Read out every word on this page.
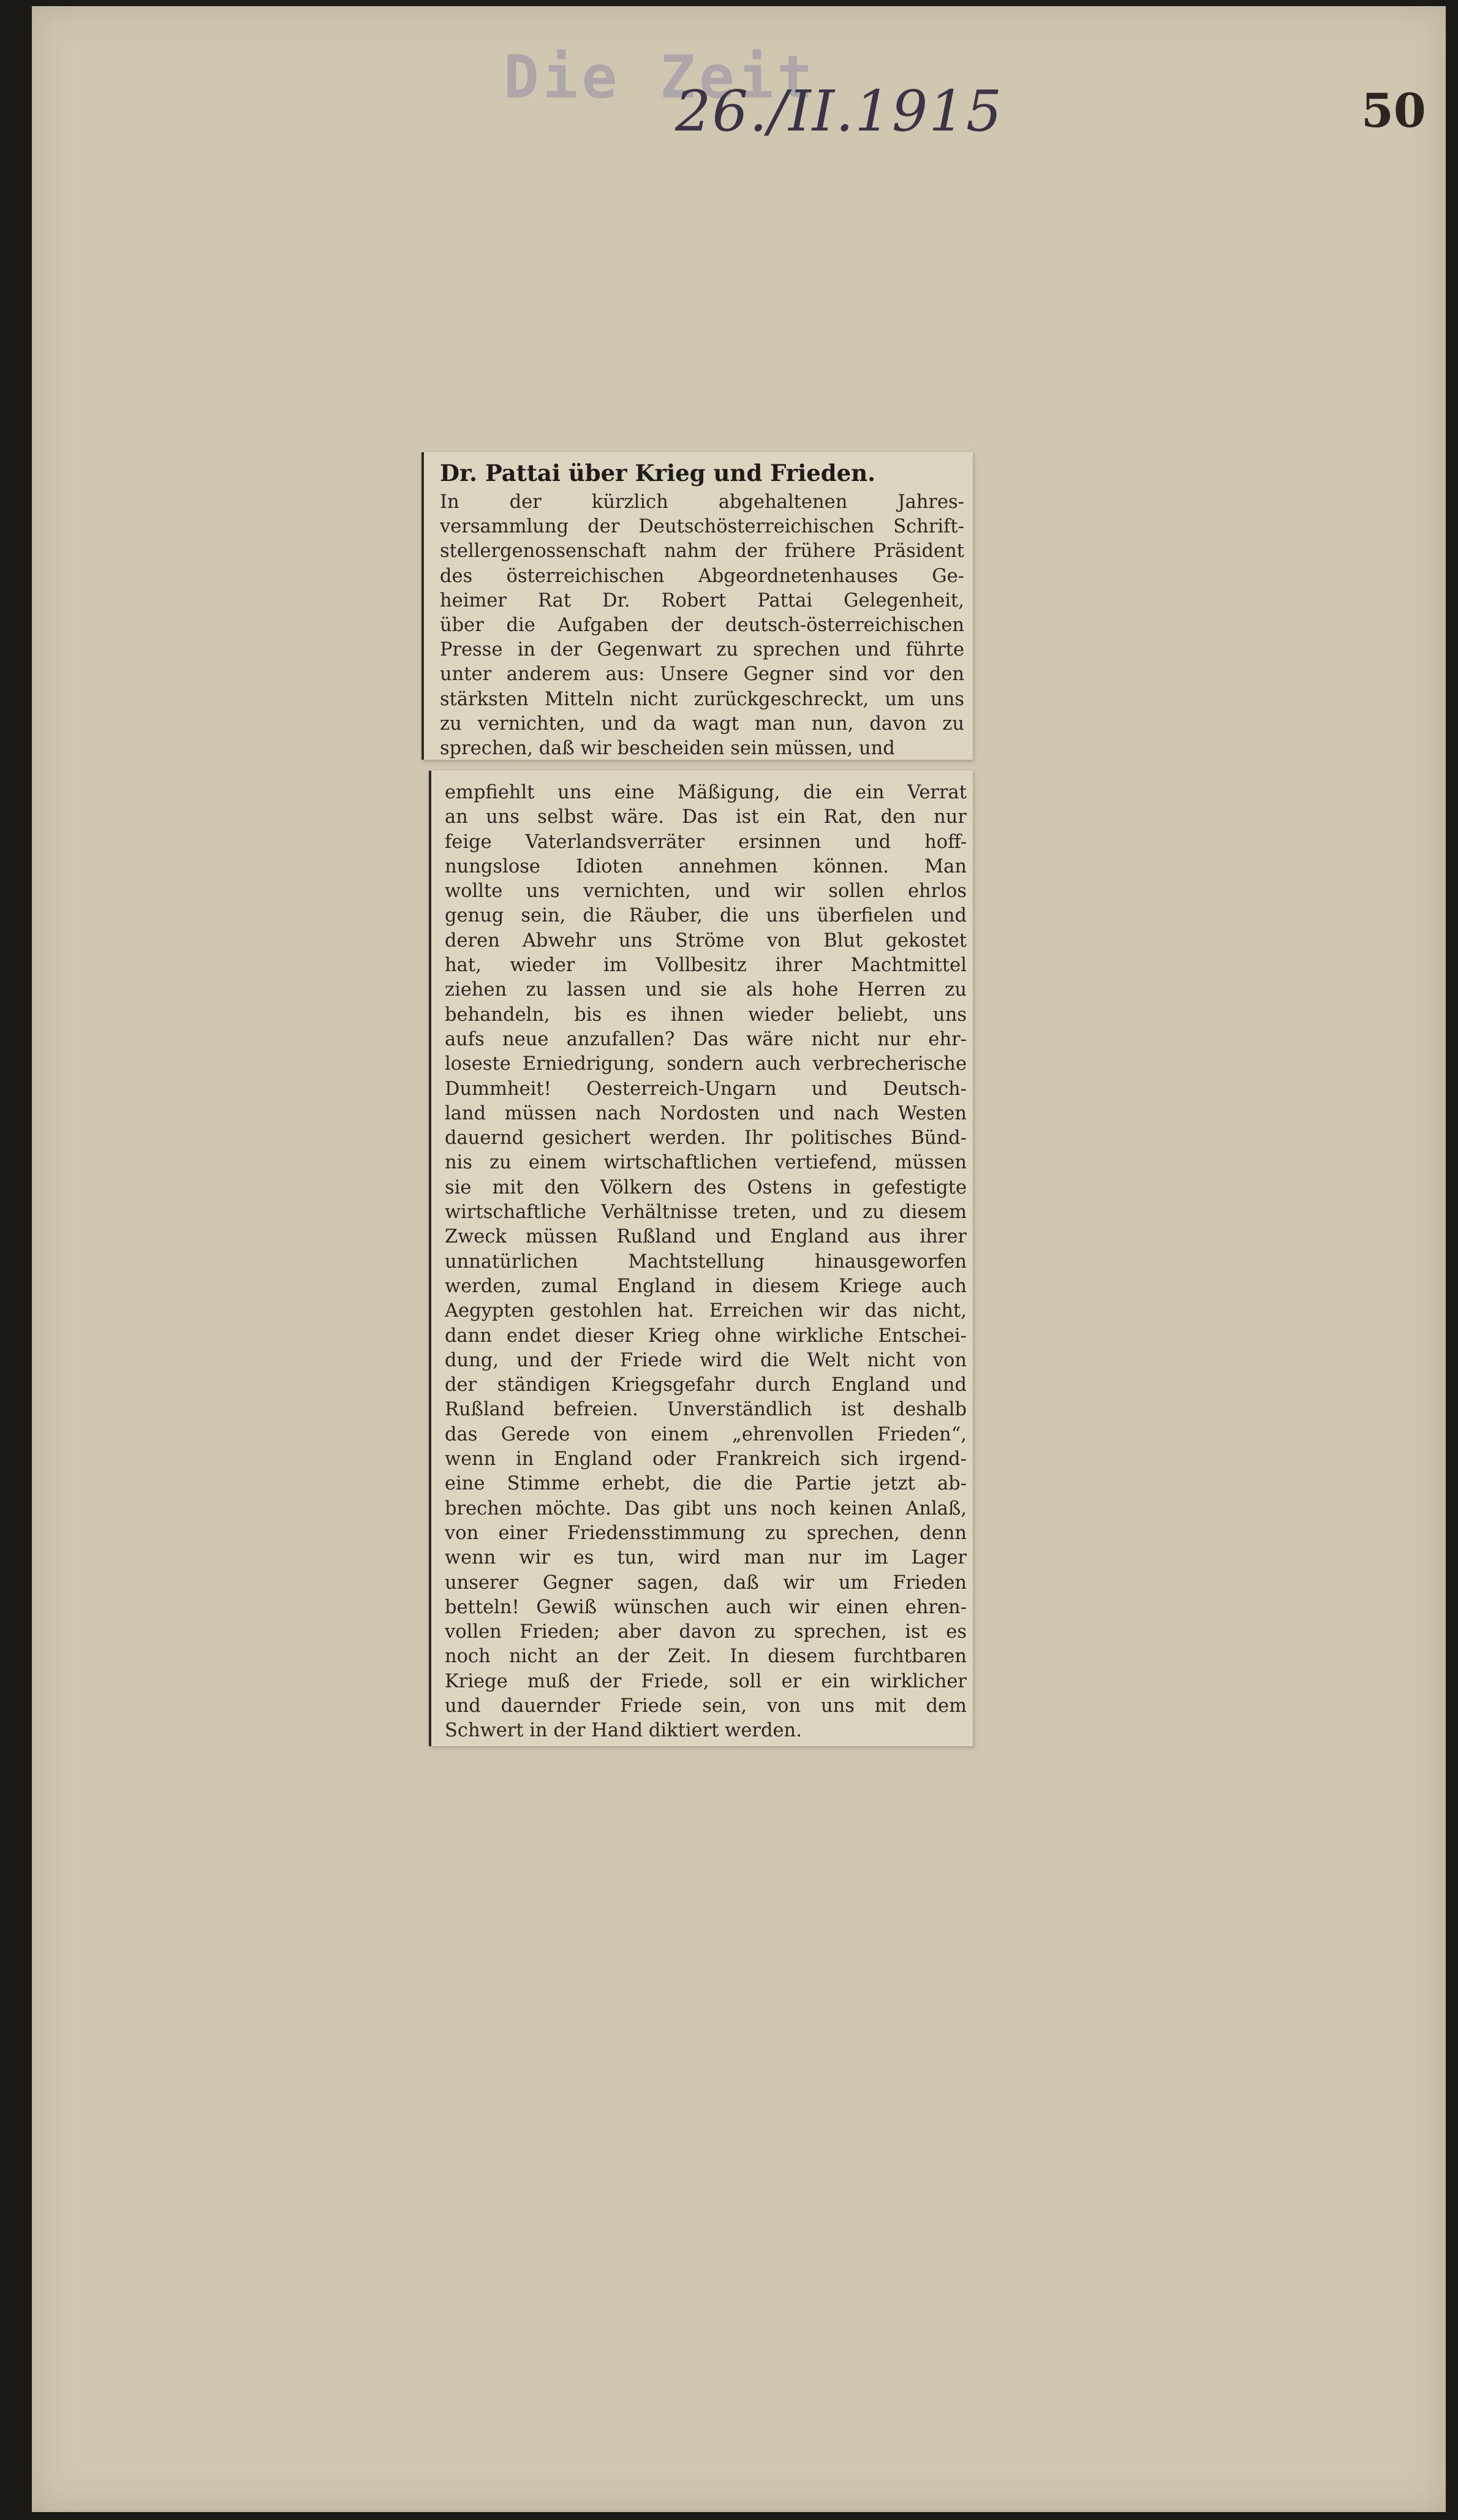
Die Zeit
26./II.1915	50
Dr. Pattai über Krieg und Frieden.
In der kürzlich abgehaltenen Jahres-
versammlung der Deutschösterreichischen Schrift-
stellergenossenschaft nahm der frühere Präsident
des österreichischen Abgeordnetenhauses Ge-
heimer Rat Dr. Robert Pattai Gelegenheit,
über die Aufgaben der deutsch-österreichischen
Presse in der Gegenwart zu sprechen und führte
unter anderem aus: Unsere Gegner sind vor den
stärksten Mitteln nicht zurückgeschreckt, um uns
zu vernichten, und da wagt man nun, davon zu
sprechen, daß wir bescheiden sein müssen, und
empfiehlt uns eine Mäßigung, die ein Verrat
an uns selbst wäre. Das ist ein Rat, den nur
feige Vaterlandsverräter ersinnen und hoff-
nungslose Idioten annehmen können. Man
wollte uns vernichten, und wir sollen ehrlos
genug sein, die Räuber, die uns überfielen und
deren Abwehr uns Ströme von Blut gekostet
hat, wieder im Vollbesitz ihrer Machtmittel
ziehen zu lassen und sie als hohe Herren zu
behandeln, bis es ihnen wieder beliebt, uns
aufs neue anzufallen? Das wäre nicht nur ehr-
loseste Erniedrigung, sondern auch verbrecherische
Dummheit! Oesterreich-Ungarn und Deutsch-
land müssen nach Nordosten und nach Westen
dauernd gesichert werden. Ihr politisches Bünd-
nis zu einem wirtschaftlichen vertiefend, müssen
sie mit den Völkern des Ostens in gefestigte
wirtschaftliche Verhältnisse treten, und zu diesem
Zweck müssen Rußland und England aus ihrer
unnatürlichen Machtstellung hinausgeworfen
werden, zumal England in diesem Kriege auch
Aegypten gestohlen hat. Erreichen wir das nicht,
dann endet dieser Krieg ohne wirkliche Entschei-
dung, und der Friede wird die Welt nicht von
der ständigen Kriegsgefahr durch England und
Rußland befreien. Unverständlich ist deshalb
das Gerede von einem „ehrenvollen Frieden“,
wenn in England oder Frankreich sich irgend-
eine Stimme erhebt, die die Partie jetzt ab-
brechen möchte. Das gibt uns noch keinen Anlaß,
von einer Friedensstimmung zu sprechen, denn
wenn wir es tun, wird man nur im Lager
unserer Gegner sagen, daß wir um Frieden
betteln! Gewiß wünschen auch wir einen ehren-
vollen Frieden; aber davon zu sprechen, ist es
noch nicht an der Zeit. In diesem furchtbaren
Kriege muß der Friede, soll er ein wirklicher
und dauernder Friede sein, von uns mit dem
Schwert in der Hand diktiert werden.
